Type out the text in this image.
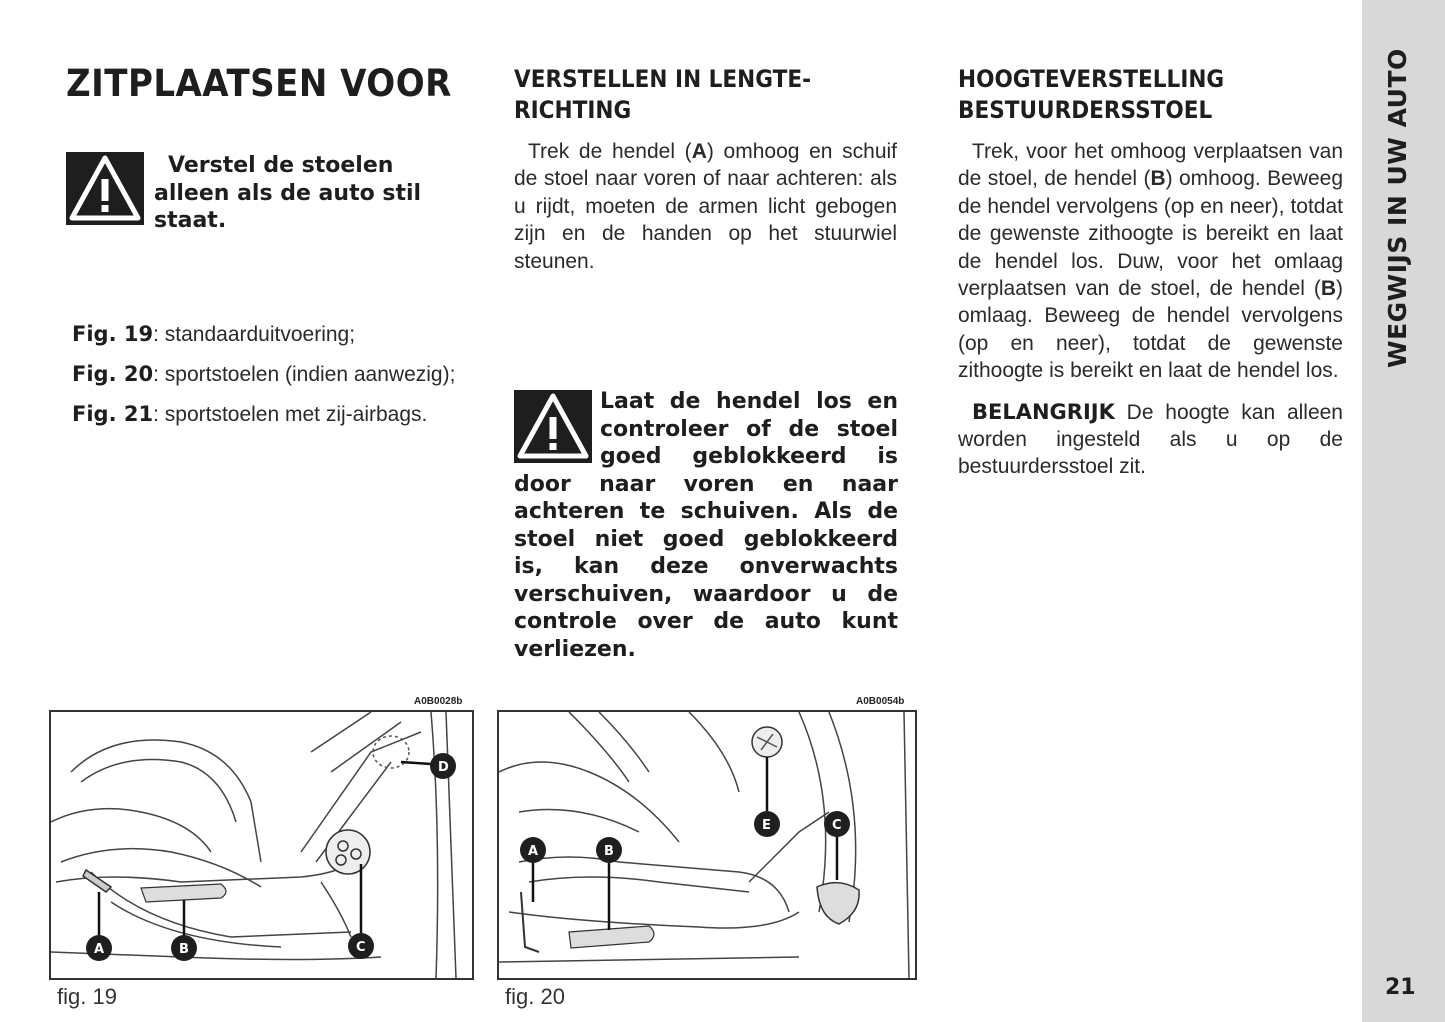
WEGWIJS IN UW AUTO
21
ZITPLAATSEN VOOR
Verstel de stoelen alleen als de auto stil staat.

Fig. 19: standaarduitvoering;

Fig. 20: sportstoelen (indien aanwezig);

Fig. 21: sportstoelen met zij-airbags.

VERSTELLEN IN LENGTE-
RICHTING

Trek de hendel (A) omhoog en schuif de stoel naar voren of naar achteren: als u rijdt, moeten de armen licht gebogen zijn en de handen op het stuurwiel steunen.

Laat de hendel los en controleer of de stoel goed geblokkeerd is door naar voren en naar achteren te schuiven. Als de stoel niet goed geblokkeerd is, kan deze onverwachts verschuiven, waardoor u de controle over de auto kunt verliezen.
HOOGTEVERSTELLING
BESTUURDERSSTOEL

Trek, voor het omhoog verplaatsen van de stoel, de hendel (B) omhoog. Beweeg de hendel vervolgens (op en neer), totdat de gewenste zithoogte is bereikt en laat de hendel los. Duw, voor het omlaag verplaatsen van de stoel, de hendel (B) omlaag. Beweeg de hendel vervolgens (op en neer), totdat de gewenste zithoogte is bereikt en laat de hendel los.

BELANGRIJK De hoogte kan alleen worden ingesteld als u op de bestuurdersstoel zit.

A0B0028b
A	B	C
D
fig. 19
A0B0054b
A	B
C
E
fig. 20
